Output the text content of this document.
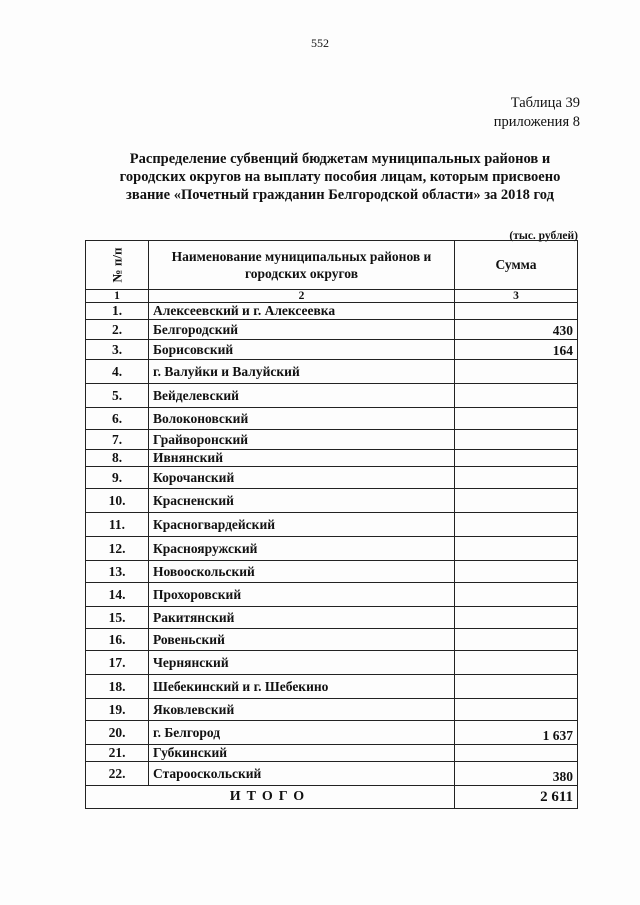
552
Таблица 39
приложения 8
Распределение субвенций бюджетам муниципальных районов и
городских округов на выплату пособия лицам, которым присвоено
звание «Почетный гражданин Белгородской области» за 2018 год
(тыс. рублей)
№ п/п	Наименование муниципальных районов и
городских округов	Сумма
1	2	3
1.	Алексеевский и г. Алексеевка	
2.	Белгородский	430
3.	Борисовский	164
4.	г. Валуйки и Валуйский	
5.	Вейделевский	
6.	Волоконовский	
7.	Грайворонский	
8.	Ивнянский	
9.	Корочанский	
10.	Красненский	
11.	Красногвардейский	
12.	Краснояружский	
13.	Новооскольский	
14.	Прохоровский	
15.	Ракитянский	
16.	Ровеньский	
17.	Чернянский	
18.	Шебекинский и г. Шебекино	
19.	Яковлевский	
20.	г. Белгород	1 637
21.	Губкинский	
22.	Старооскольский	380
ИТОГО		2 611
